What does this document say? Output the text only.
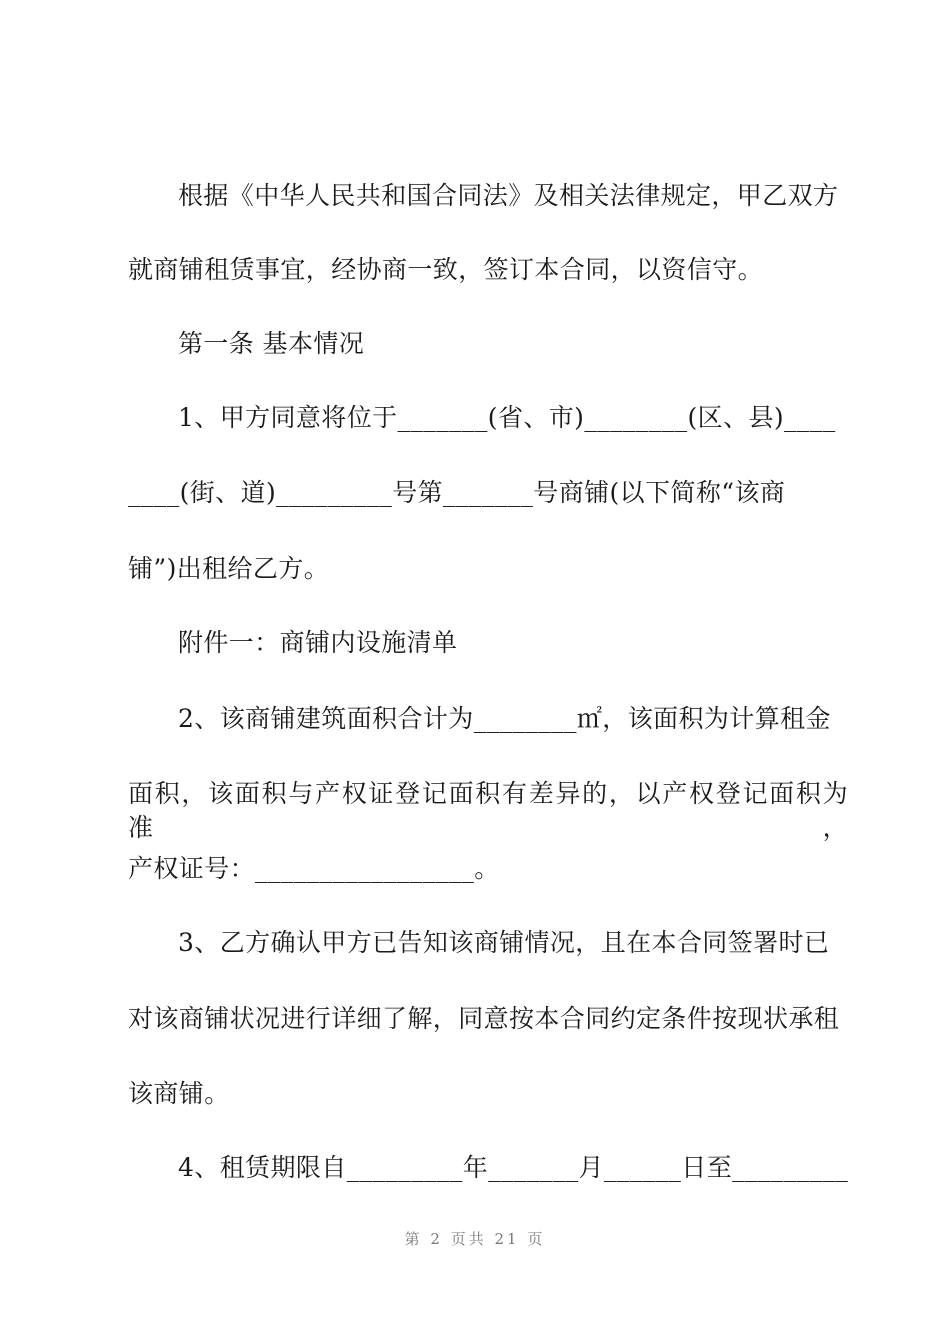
根据《中华人民共和国合同法》及相关法律规定，甲乙双方
就商铺租赁事宜，经协商一致，签订本合同，以资信守。
第一条 基本情况
1、甲方同意将位于_______(省、市)________(区、县)____
____(街、道)_________号第_______号商铺(以下简称“该商
铺”)出租给乙方。
附件一：商铺内设施清单
2、该商铺建筑面积合计为________㎡，该面积为计算租金
面积，该面积与产权证登记面积有差异的，以产权登记面积为准，
产权证号：_________________。
3、乙方确认甲方已告知该商铺情况，且在本合同签署时已
对该商铺状况进行详细了解，同意按本合同约定条件按现状承租
该商铺。
4、租赁期限自_________年_______月______日至_________
第 2 页共 21 页
